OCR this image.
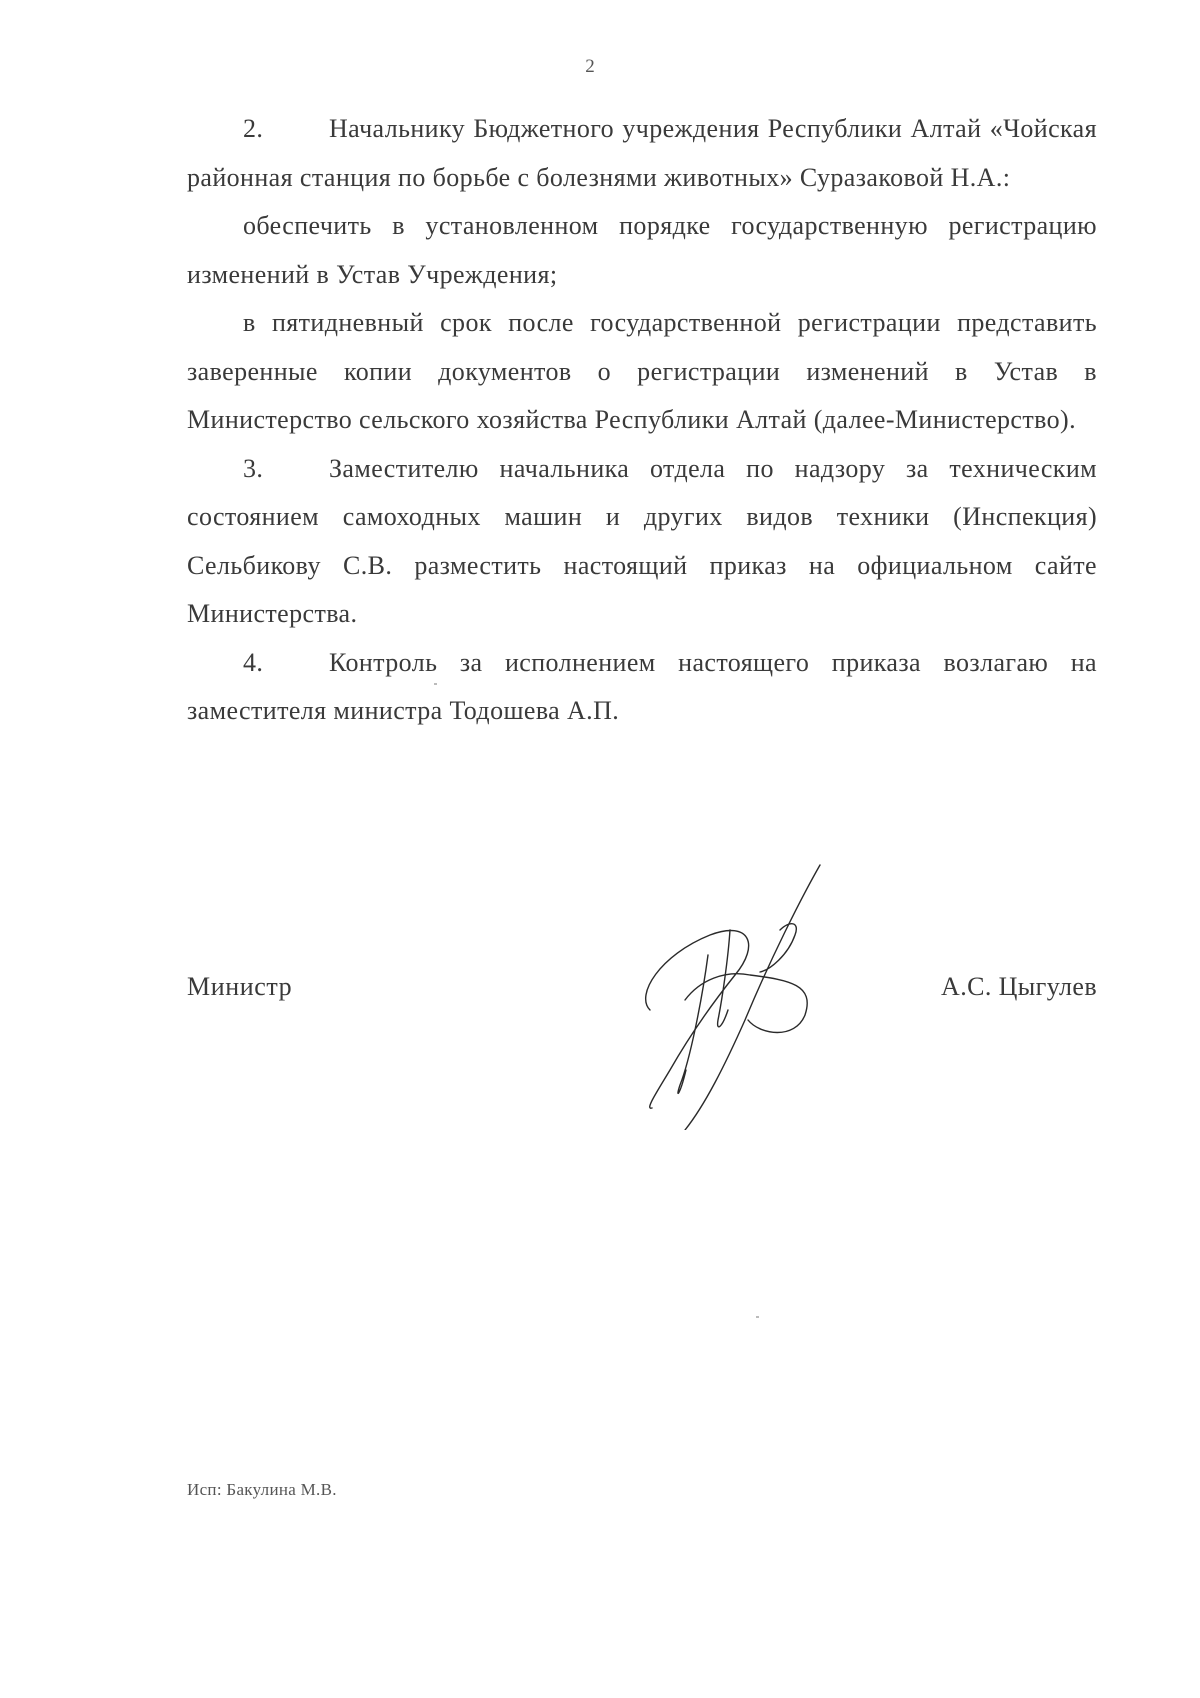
2

2.	Начальнику Бюджетного учреждения Республики Алтай «Чойская районная станция по борьбе с болезнями животных» Суразаковой Н.А.:

обеспечить в установленном порядке государственную регистрацию изменений в Устав Учреждения;

в пятидневный срок после государственной регистрации представить заверенные копии документов о регистрации изменений в Устав в Министерство сельского хозяйства Республики Алтай (далее-Министерство).

3.	Заместителю начальника отдела по надзору за техническим состоянием самоходных машин и других видов техники (Инспекция) Сельбикову С.В. разместить настоящий приказ на официальном сайте Министерства.

4.	Контроль за исполнением настоящего приказа возлагаю на заместителя министра Тодошева А.П.

Министр	А.С. Цыгулев
Исп: Бакулина М.В.
